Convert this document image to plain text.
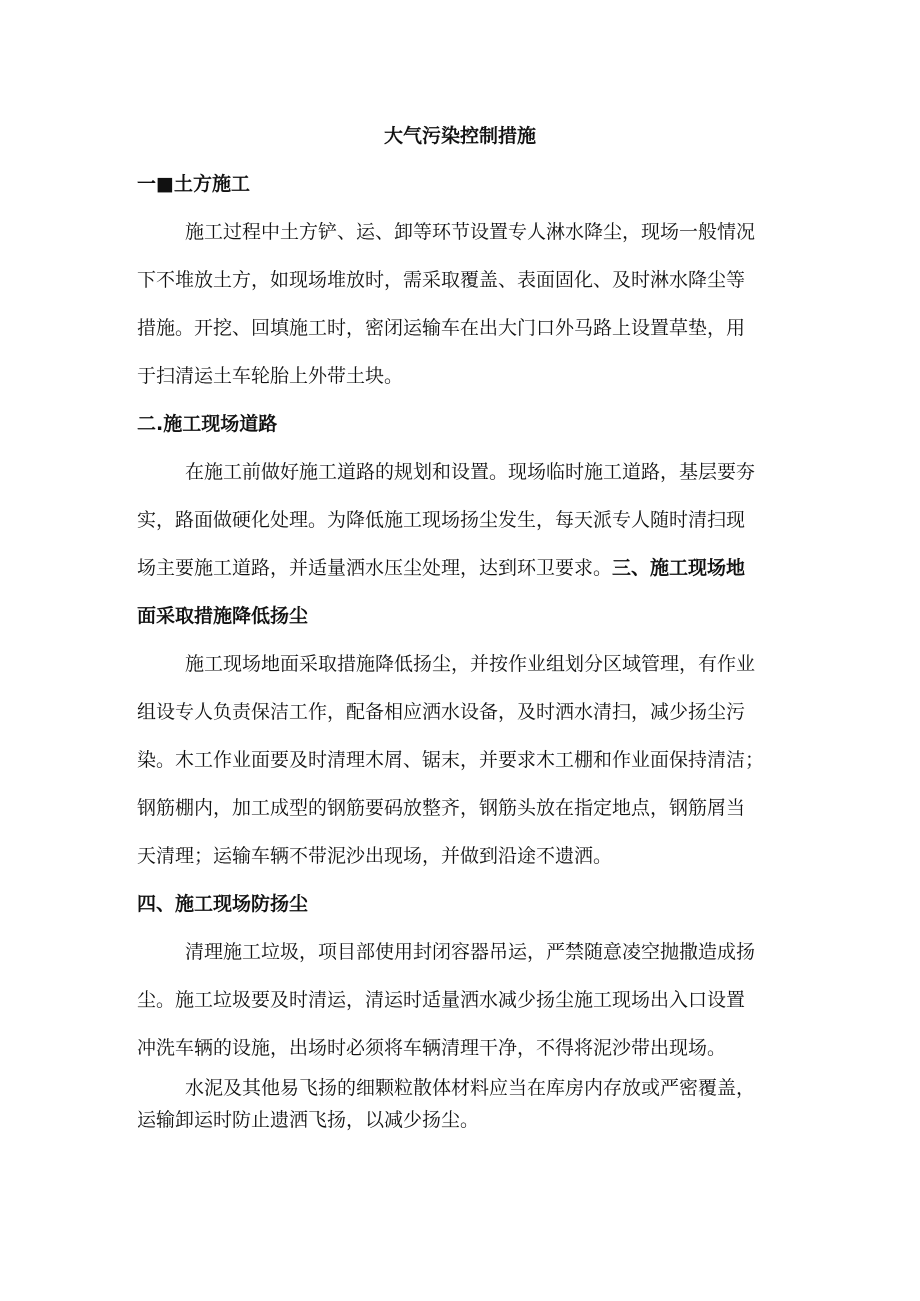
大气污染控制措施
一■土方施工
施工过程中土方铲、运、卸等环节设置专人淋水降尘，现场一般情况
下不堆放土方，如现场堆放时，需采取覆盖、表面固化、及时淋水降尘等
措施。开挖、回填施工时，密闭运输车在出大门口外马路上设置草垫，用
于扫清运土车轮胎上外带土块。
二.施工现场道路
在施工前做好施工道路的规划和设置。现场临时施工道路，基层要夯
实，路面做硬化处理。为降低施工现场扬尘发生，每天派专人随时清扫现
场主要施工道路，并适量洒水压尘处理，达到环卫要求。三、施工现场地
面采取措施降低扬尘
施工现场地面采取措施降低扬尘，并按作业组划分区域管理，有作业
组设专人负责保洁工作，配备相应洒水设备，及时洒水清扫，减少扬尘污
染。木工作业面要及时清理木屑、锯末，并要求木工棚和作业面保持清洁；
钢筋棚内，加工成型的钢筋要码放整齐，钢筋头放在指定地点，钢筋屑当
天清理；运输车辆不带泥沙出现场，并做到沿途不遗洒。
四、施工现场防扬尘
清理施工垃圾，项目部使用封闭容器吊运，严禁随意凌空抛撒造成扬
尘。施工垃圾要及时清运，清运时适量洒水减少扬尘施工现场出入口设置
冲洗车辆的设施，出场时必须将车辆清理干净，不得将泥沙带出现场。
水泥及其他易飞扬的细颗粒散体材料应当在库房内存放或严密覆盖，
运输卸运时防止遗洒飞扬，以减少扬尘。
